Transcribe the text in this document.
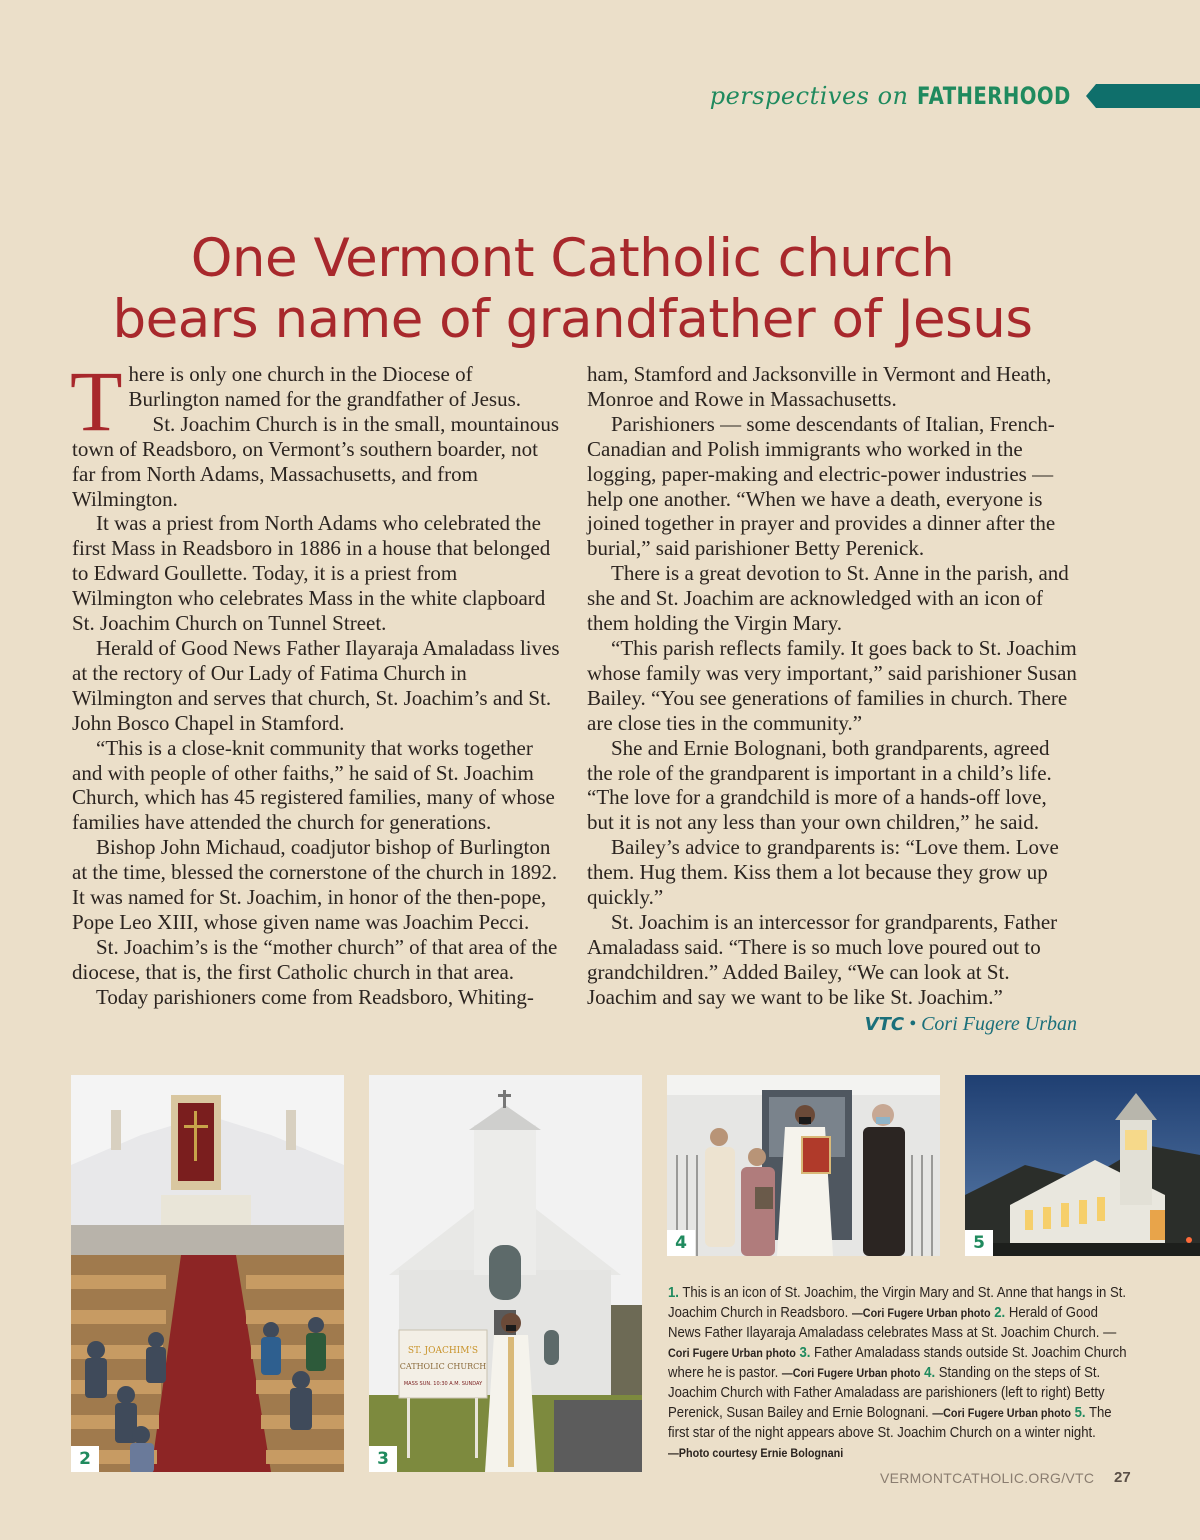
perspectives on FATHERHOOD
One Vermont Catholic church
bears name of grandfather of Jesus
T here is only one church in the Diocese of Burlington named for the grandfather of Jesus.

St. Joachim Church is in the small, mountainous town of Readsboro, on Vermont’s southern boarder, not far from North Adams, Massachusetts, and from Wilmington.

It was a priest from North Adams who celebrated the first Mass in Readsboro in 1886 in a house that belonged to Edward Goullette. Today, it is a priest from Wilmington who celebrates Mass in the white clapboard St. Joachim Church on Tunnel Street.

Herald of Good News Father Ilayaraja Amaladass lives at the rectory of Our Lady of Fatima Church in Wilmington and serves that church, St. Joachim’s and St. John Bosco Chapel in Stamford.

“This is a close-knit community that works together and with people of other faiths,” he said of St. Joachim Church, which has 45 registered families, many of whose families have attended the church for generations.

Bishop John Michaud, coadjutor bishop of Burlington at the time, blessed the cornerstone of the church in 1892. It was named for St. Joachim, in honor of the then-pope, Pope Leo XIII, whose given name was Joachim Pecci.

St. Joachim’s is the “mother church” of that area of the diocese, that is, the first Catholic church in that area.

Today parishioners come from Readsboro, Whiting-

ham, Stamford and Jacksonville in Vermont and Heath, Monroe and Rowe in Massachusetts.

Parishioners — some descendants of Italian, French-Canadian and Polish immigrants who worked in the logging, paper-making and electric-power industries — help one another. “When we have a death, everyone is joined together in prayer and provides a dinner after the burial,” said parishioner Betty Perenick.

There is a great devotion to St. Anne in the parish, and she and St. Joachim are acknowledged with an icon of them holding the Virgin Mary.

“This parish reflects family. It goes back to St. Joachim whose family was very important,” said parishioner Susan Bailey. “You see generations of families in church. There are close ties in the community.”

She and Ernie Bolognani, both grandparents, agreed the role of the grandparent is important in a child’s life. “The love for a grandchild is more of a hands-off love, but it is not any less than your own children,” he said.

Bailey’s advice to grandparents is: “Love them. Love them. Hug them. Kiss them a lot because they grow up quickly.”

St. Joachim is an intercessor for grandparents, Father Amaladass said. “There is so much love poured out to grandchildren.” Added Bailey, “We can look at St. Joachim and say we want to be like St. Joachim.”

VTC • Cori Fugere Urban
2
ST. JOACHIM'S
CATHOLIC CHURCH
MASS SUN. 10:30 A.M. SUNDAY
3
4	5
1. This is an icon of St. Joachim, the Virgin Mary and St. Anne that hangs in St. Joachim Church in Readsboro. —Cori Fugere Urban photo 2. Herald of Good News Father Ilayaraja Amaladass celebrates Mass at St. Joachim Church. —Cori Fugere Urban photo 3. Father Amaladass stands outside St. Joachim Church where he is pastor. —Cori Fugere Urban photo 4. Standing on the steps of St. Joachim Church with Father Amaladass are parishioners (left to right) Betty Perenick, Susan Bailey and Ernie Bolognani. —Cori Fugere Urban photo 5. The first star of the night appears above St. Joachim Church on a winter night.
—Photo courtesy Ernie Bolognani
VERMONTCATHOLIC.ORG/VTC 27
